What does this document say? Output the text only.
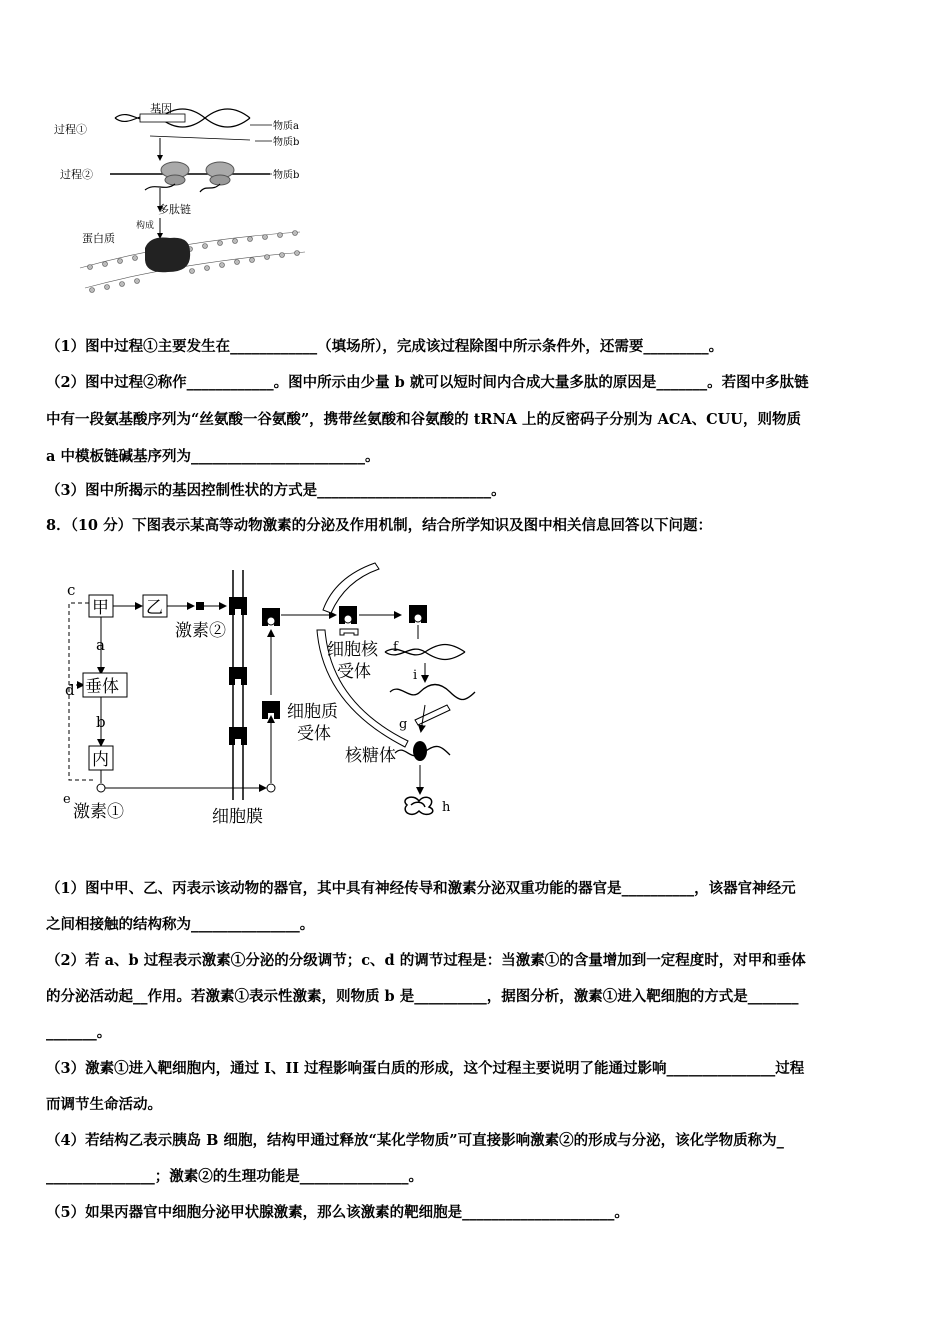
基因
过程①	物质a
物质b
过程②	物质b
多肽链
构成
蛋白质
（1）图中过程①主要发生在____________（填场所），完成该过程除图中所示条件外，还需要_________。
（2）图中过程②称作____________。图中所示由少量 b 就可以短时间内合成大量多肽的原因是_______。若图中多肽链
中有一段氨基酸序列为“丝氨酸一谷氨酸”，携带丝氨酸和谷氨酸的 tRNA 上的反密码子分别为 ACA、CUU，则物质
a 中模板链碱基序列为________________________。
（3）图中所揭示的基因控制性状的方式是________________________。
8．（10 分）下图表示某高等动物激素的分泌及作用机制，结合所学知识及图中相关信息回答以下问题：
c
d
甲 乙
激素②
a
垂体
b
内
e
激素①	细胞膜
细胞质
受体
细胞核
受体
f
i
g
核糖体
h
（1）图中甲、乙、丙表示该动物的器官，其中具有神经传导和激素分泌双重功能的器官是__________，该器官神经元
之间相接触的结构称为_______________。
（2）若 a、b 过程表示激素①分泌的分级调节；c、d 的调节过程是：当激素①的含量增加到一定程度时，对甲和垂体
的分泌活动起__作用。若激素①表示性激素，则物质 b 是__________，据图分析，激素①进入靶细胞的方式是_______
_______。
（3）激素①进入靶细胞内，通过 I、II 过程影响蛋白质的形成，这个过程主要说明了能通过影响_______________过程
而调节生命活动。
（4）若结构乙表示胰岛 B 细胞，结构甲通过释放“某化学物质”可直接影响激素②的形成与分泌，该化学物质称为_
_______________；激素②的生理功能是_______________。
（5）如果丙器官中细胞分泌甲状腺激素，那么该激素的靶细胞是_____________________。
